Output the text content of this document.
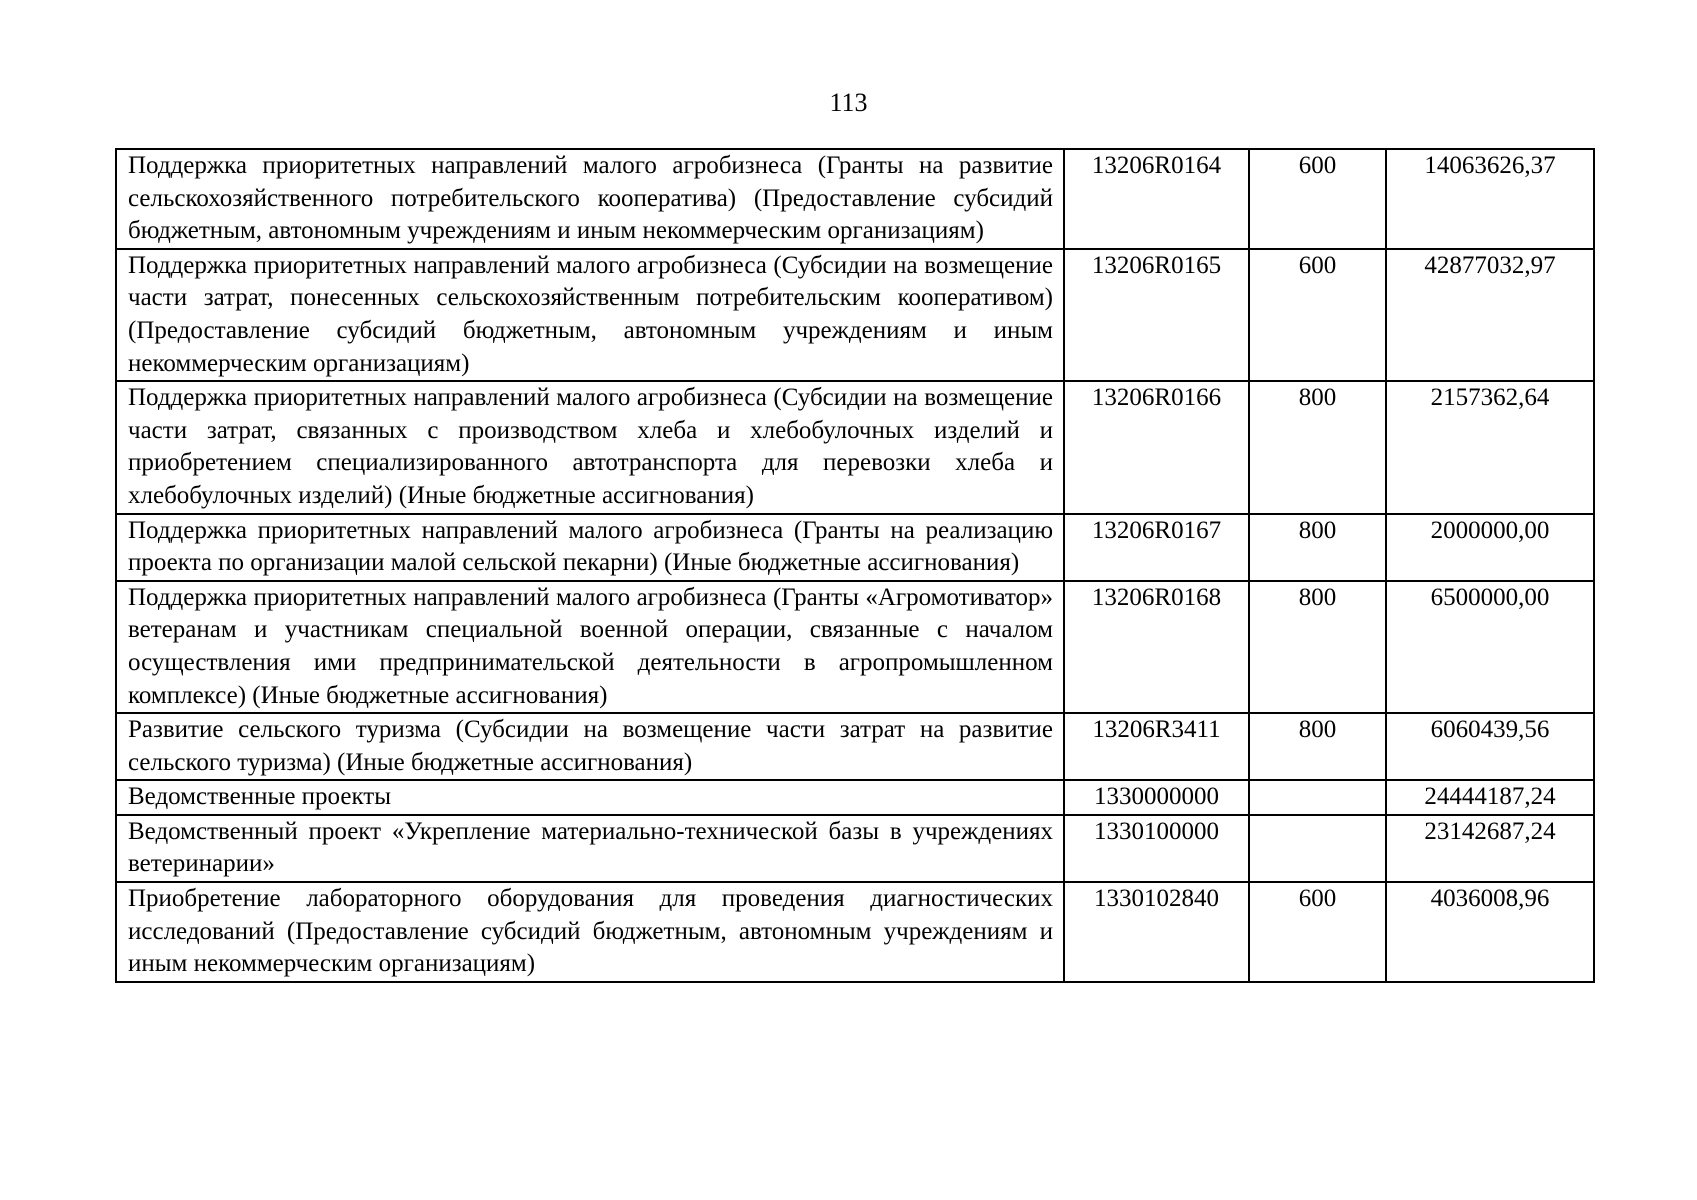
113
Поддержка приоритетных направлений малого агробизнеса (Гранты на развитие сельскохозяйственного потребительского кооператива) (Предоставление субсидий бюджетным, автономным учреждениям и иным некоммерческим организациям)	13206R0164	600	14063626,37
Поддержка приоритетных направлений малого агробизнеса (Субсидии на возмещение части затрат, понесенных сельскохозяйственным потребительским кооперативом) (Предоставление субсидий бюджетным, автономным учреждениям и иным некоммерческим организациям)	13206R0165	600	42877032,97
Поддержка приоритетных направлений малого агробизнеса (Субсидии на возмещение части затрат, связанных с производством хлеба и хлебобулочных изделий и приобретением специализированного автотранспорта для перевозки хлеба и хлебобулочных изделий) (Иные бюджетные ассигнования)	13206R0166	800	2157362,64
Поддержка приоритетных направлений малого агробизнеса (Гранты на реализацию проекта по организации малой сельской пекарни) (Иные бюджетные ассигнования)	13206R0167	800	2000000,00
Поддержка приоритетных направлений малого агробизнеса (Гранты «Агромотиватор» ветеранам и участникам специальной военной операции, связанные с началом осуществления ими предпринимательской деятельности в агропромышленном комплексе) (Иные бюджетные ассигнования)	13206R0168	800	6500000,00
Развитие сельского туризма (Субсидии на возмещение части затрат на развитие сельского туризма) (Иные бюджетные ассигнования)	13206R3411	800	6060439,56
Ведомственные проекты	1330000000		24444187,24
Ведомственный проект «Укрепление материально-технической базы в учреждениях ветеринарии»	1330100000		23142687,24
Приобретение лабораторного оборудования для проведения диагностических исследований (Предоставление субсидий бюджетным, автономным учреждениям и иным некоммерческим организациям)	1330102840	600	4036008,96
